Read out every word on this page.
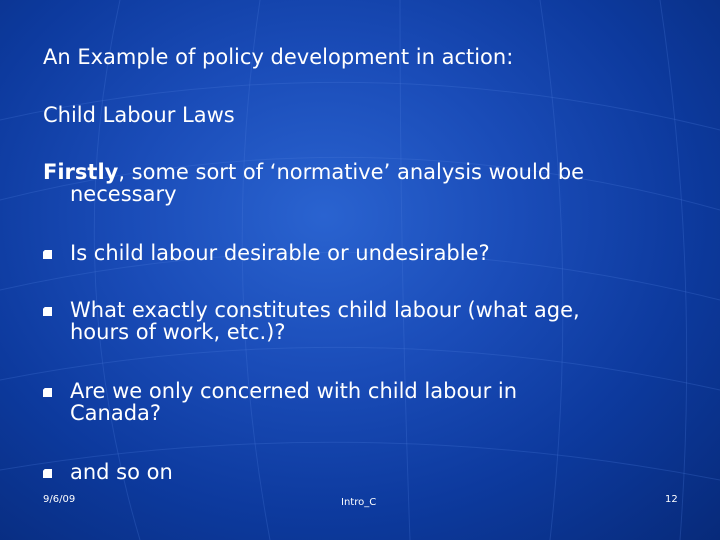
An Example of policy development in action:
Child Labour Laws
Firstly, some sort of ‘normative’ analysis would be
necessary
Is child labour desirable or undesirable?
What exactly constitutes child labour (what age,
hours of work, etc.)?
Are we only concerned with child labour in
Canada?
and so on
9/6/09	Intro_C	12
